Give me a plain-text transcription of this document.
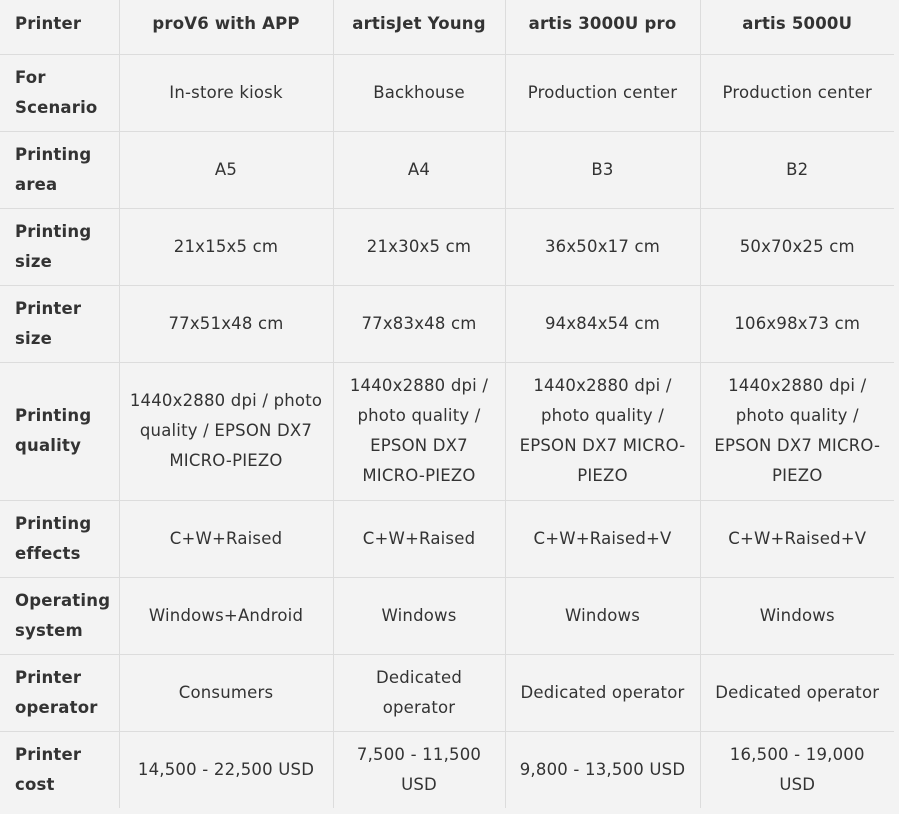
Printer	proV6 with APP	artisJet Young	artis 3000U pro	artis 5000U
For Scenario	In-store kiosk	Backhouse	Production center	Production center
Printing area	A5	A4	B3	B2
Printing size	21x15x5 cm	21x30x5 cm	36x50x17 cm	50x70x25 cm
Printer size	77x51x48 cm	77x83x48 cm	94x84x54 cm	106x98x73 cm
Printing quality	1440x2880 dpi / photo quality / EPSON DX7 MICRO-PIEZO	1440x2880 dpi / photo quality / EPSON DX7 MICRO-PIEZO	1440x2880 dpi / photo quality / EPSON DX7 MICRO-PIEZO	1440x2880 dpi / photo quality / EPSON DX7 MICRO-PIEZO
Printing effects	C+W+Raised	C+W+Raised	C+W+Raised+V	C+W+Raised+V
Operating system	Windows+Android	Windows	Windows	Windows
Printer operator	Consumers	Dedicated operator	Dedicated operator	Dedicated operator
Printer cost	14,500 - 22,500 USD	7,500 - 11,500 USD	9,800 - 13,500 USD	16,500 - 19,000 USD
